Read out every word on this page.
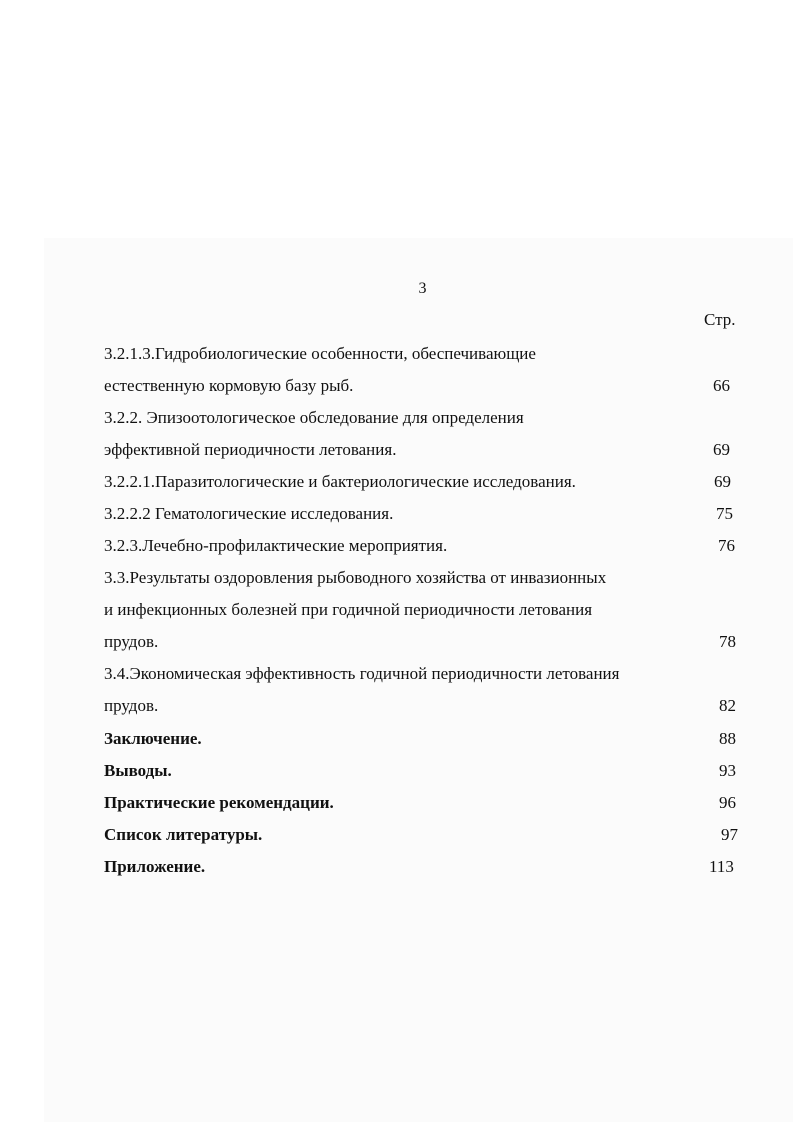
3
Стр.
3.2.1.3.Гидробиологические особенности, обеспечивающие
естественную кормовую базу рыб.	66
3.2.2. Эпизоотологическое обследование для определения
эффективной периодичности летования.	69
3.2.2.1.Паразитологические и бактериологические исследования.	69
3.2.2.2 Гематологические исследования.	75
3.2.3.Лечебно-профилактические мероприятия.	76
3.3.Результаты оздоровления рыбоводного хозяйства от инвазионных
и инфекционных болезней при годичной периодичности летования
прудов.	78
3.4.Экономическая эффективность годичной периодичности летования
прудов.	82
Заключение.	88
Выводы.	93
Практические рекомендации.	96
Список литературы.	97
Приложение.	113
